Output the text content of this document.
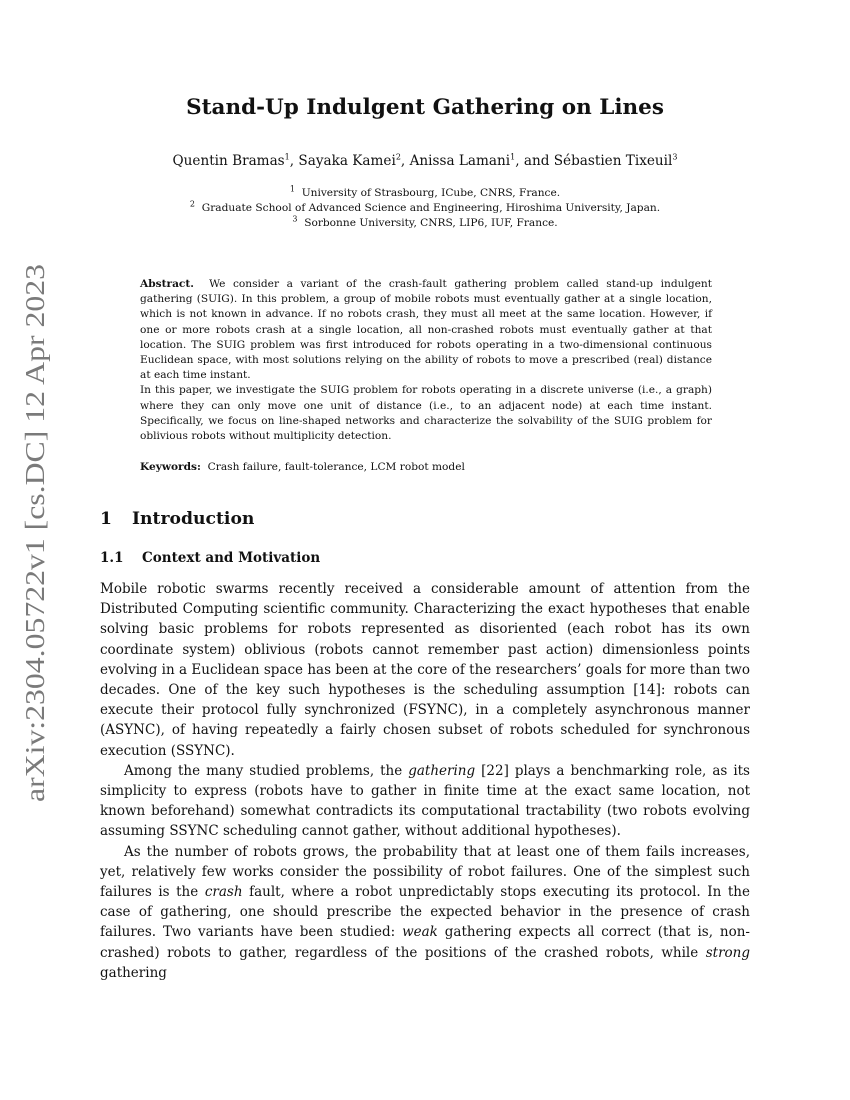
arXiv:2304.05722v1 [cs.DC] 12 Apr 2023
Stand-Up Indulgent Gathering on Lines
Quentin Bramas$^1$, Sayaka Kamei$^2$, Anissa Lamani$^1$, and Sébastien Tixeuil$^3$
$^1$ University of Strasbourg, ICube, CNRS, France.
$^2$ Graduate School of Advanced Science and Engineering, Hiroshima University, Japan.
$^3$ Sorbonne University, CNRS, LIP6, IUF, France.

Abstract. We consider a variant of the crash-fault gathering problem called stand-up indulgent gathering (SUIG). In this problem, a group of mobile robots must eventually gather at a single location, which is not known in advance. If no robots crash, they must all meet at the same location. However, if one or more robots crash at a single location, all non-crashed robots must eventually gather at that location. The SUIG problem was first introduced for robots operating in a two-dimensional continuous Euclidean space, with most solutions relying on the ability of robots to move a prescribed (real) distance at each time instant.

In this paper, we investigate the SUIG problem for robots operating in a discrete universe (i.e., a graph) where they can only move one unit of distance (i.e., to an adjacent node) at each time instant. Specifically, we focus on line-shaped networks and characterize the solvability of the SUIG problem for oblivious robots without multiplicity detection.

Keywords: Crash failure, fault-tolerance, LCM robot model
1 Introduction
1.1 Context and Motivation

Mobile robotic swarms recently received a considerable amount of attention from the Distributed Computing scientific community. Characterizing the exact hypotheses that enable solving basic problems for robots represented as disoriented (each robot has its own coordinate system) oblivious (robots cannot remember past action) dimensionless points evolving in a Euclidean space has been at the core of the researchers’ goals for more than two decades. One of the key such hypotheses is the scheduling assumption [14]: robots can execute their protocol fully synchronized (FSYNC), in a completely asynchronous manner (ASYNC), of having repeatedly a fairly chosen subset of robots scheduled for synchronous execution (SSYNC).

Among the many studied problems, the gathering [22] plays a benchmarking role, as its simplicity to express (robots have to gather in finite time at the exact same location, not known beforehand) somewhat contradicts its computational tractability (two robots evolving assuming SSYNC scheduling cannot gather, without additional hypotheses).

As the number of robots grows, the probability that at least one of them fails increases, yet, relatively few works consider the possibility of robot failures. One of the simplest such failures is the crash fault, where a robot unpredictably stops executing its protocol. In the case of gathering, one should prescribe the expected behavior in the presence of crash failures. Two variants have been studied: weak gathering expects all correct (that is, non-crashed) robots to gather, regardless of the positions of the crashed robots, while strong gathering
